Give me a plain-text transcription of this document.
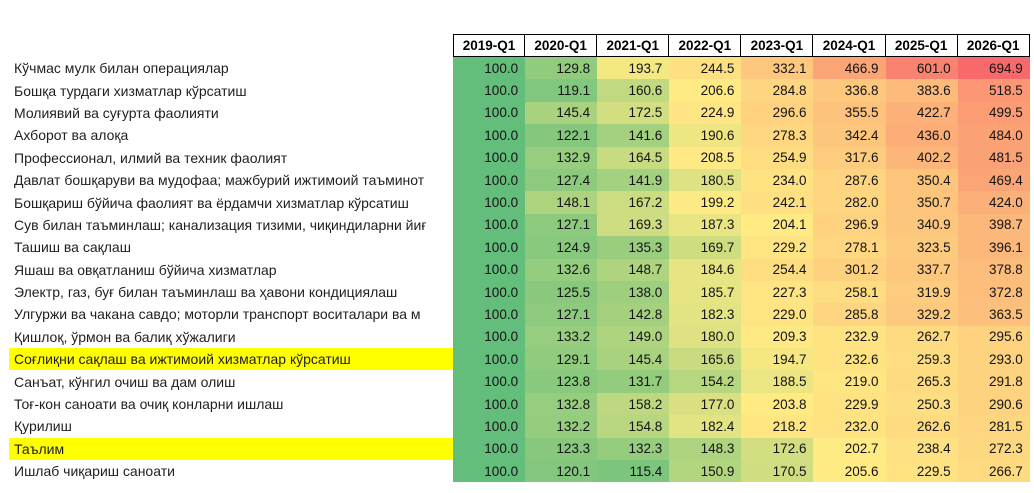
2019-Q1	2020-Q1	2021-Q1	2022-Q1	2023-Q1	2024-Q1	2025-Q1	2026-Q1
Кўчмас мулк билан операциялар	100.0	129.8	193.7	244.5	332.1	466.9	601.0	694.9
Бошқа турдаги хизматлар кўрсатиш	100.0	119.1	160.6	206.6	284.8	336.8	383.6	518.5
Молиявий ва суғурта фаолияти	100.0	145.4	172.5	224.9	296.6	355.5	422.7	499.5
Ахборот ва алоқа	100.0	122.1	141.6	190.6	278.3	342.4	436.0	484.0
Профессионал, илмий ва техник фаолият	100.0	132.9	164.5	208.5	254.9	317.6	402.2	481.5
Давлат бошқаруви ва мудофаа; мажбурий ижтимоий таъминот	100.0	127.4	141.9	180.5	234.0	287.6	350.4	469.4
Бошқариш бўйича фаолият ва ёрдамчи хизматлар кўрсатиш	100.0	148.1	167.2	199.2	242.1	282.0	350.7	424.0
Сув билан таъминлаш; канализация тизими, чиқиндиларни йиғ	100.0	127.1	169.3	187.3	204.1	296.9	340.9	398.7
Ташиш ва сақлаш	100.0	124.9	135.3	169.7	229.2	278.1	323.5	396.1
Яшаш ва овқатланиш бўйича хизматлар	100.0	132.6	148.7	184.6	254.4	301.2	337.7	378.8
Электр, газ, буғ билан таъминлаш ва ҳавони кондициялаш	100.0	125.5	138.0	185.7	227.3	258.1	319.9	372.8
Улгуржи ва чакана савдо; моторли транспорт воситалари ва м	100.0	127.1	142.8	182.3	229.0	285.8	329.2	363.5
Қишлоқ, ўрмон ва балиқ хўжалиги	100.0	133.2	149.0	180.0	209.3	232.9	262.7	295.6
Соғлиқни сақлаш ва ижтимоий хизматлар кўрсатиш	100.0	129.1	145.4	165.6	194.7	232.6	259.3	293.0
Санъат, кўнгил очиш ва дам олиш	100.0	123.8	131.7	154.2	188.5	219.0	265.3	291.8
Тоғ-кон саноати ва очиқ конларни ишлаш	100.0	132.8	158.2	177.0	203.8	229.9	250.3	290.6
Қурилиш	100.0	132.2	154.8	182.4	218.2	232.0	262.6	281.5
Таълим	100.0	123.3	132.3	148.3	172.6	202.7	238.4	272.3
Ишлаб чиқариш саноати	100.0	120.1	115.4	150.9	170.5	205.6	229.5	266.7
